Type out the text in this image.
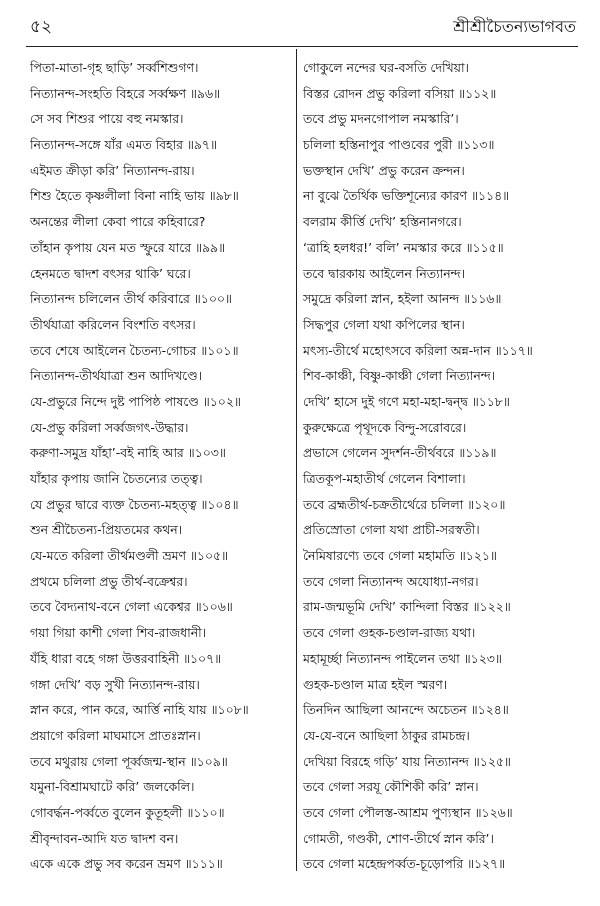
৫২	শ্রীশ্রীচৈতন্যভাগবত
পিতা-মাতা-গৃহ ছাড়ি’ সর্ব্বশিশুগণ।
নিত্যানন্দ-সংহতি বিহরে সর্ব্বক্ষণ ॥৯৬॥
সে সব শিশুর পায়ে বহু নমস্কার।
নিত্যানন্দ-সঙ্গে যাঁর এমত বিহার ॥৯৭॥
এইমত ক্রীড়া করি’ নিত্যানন্দ-রায়।
শিশু হৈতে কৃষ্ণলীলা বিনা নাহি ভায় ॥৯৮॥
অনন্তের লীলা কেবা পারে কহিবারে?
তাঁহান কৃপায় যেন মত স্ফুরে যারে ॥৯৯॥
হেনমতে দ্বাদশ বৎসর থাকি’ ঘরে।
নিত্যানন্দ চলিলেন তীর্থ করিবারে ॥১০০॥
তীর্থযাত্রা করিলেন বিংশতি বৎসর।
তবে শেষে আইলেন চৈতন্য-গোচর ॥১০১॥
নিত্যানন্দ-তীর্থযাত্রা শুন আদিখণ্ডে।
যে-প্রভুরে নিন্দে দুষ্ট পাপিষ্ঠ পাষণ্ডে ॥১০২॥
যে-প্রভু করিলা সর্ব্বজগৎ-উদ্ধার।
করুণা-সমুদ্র যাঁহা’-বই নাহি আর ॥১০৩॥
যাঁহার কৃপায় জানি চৈতন্যের তত্ত্ব।
যে প্রভুর দ্বারে ব্যক্ত চৈতন্য-মহত্ত্ব ॥১০৪॥
শুন শ্রীচৈতন্য-প্রিয়তমের কথন।
যে-মতে করিলা তীর্থমণ্ডলী ভ্রমণ ॥১০৫॥
প্রথমে চলিলা প্রভু তীর্থ-বক্রেশ্বর।
তবে বৈদ্যনাথ-বনে গেলা একেশ্বর ॥১০৬॥
গয়া গিয়া কাশী গেলা শিব-রাজধানী।
যঁহি ধারা বহে গঙ্গা উত্তরবাহিনী ॥১০৭॥
গঙ্গা দেখি’ বড় সুখী নিত্যানন্দ-রায়।
স্নান করে, পান করে, আর্ত্তি নাহি যায় ॥১০৮॥
প্রয়াগে করিলা মাঘমাসে প্রাতঃস্নান।
তবে মথুরায় গেলা পূর্ব্বজন্ম-স্থান ॥১০৯॥
যমুনা-বিশ্রামঘাটে করি’ জলকেলি।
গোবর্দ্ধন-পর্ব্বতে বুলেন কুতূহলী ॥১১০॥
শ্রীবৃন্দাবন-আদি যত দ্বাদশ বন।
একে একে প্রভু সব করেন ভ্রমণ ॥১১১॥
গোকুলে নন্দের ঘর-বসতি দেখিয়া।
বিস্তর রোদন প্রভু করিলা বসিয়া ॥১১২॥
তবে প্রভু মদনগোপাল নমস্কারি’।
চলিলা হস্তিনাপুর পাণ্ডবের পুরী ॥১১৩॥
ভক্তস্থান দেখি’ প্রভু করেন ক্রন্দন।
না বুঝে তৈর্থিক ভক্তিশূন্যের কারণ ॥১১৪॥
বলরাম কীর্ত্তি দেখি’ হস্তিনানগরে।
‘ত্রাহি হলধর!’ বলি’ নমস্কার করে ॥১১৫॥
তবে দ্বারকায় আইলেন নিত্যানন্দ।
সমুদ্রে করিলা স্নান, হইলা আনন্দ ॥১১৬॥
সিদ্ধপুর গেলা যথা কপিলের স্থান।
মৎস্য-তীর্থে মহোৎসবে করিলা অন্ন-দান ॥১১৭॥
শিব-কাঞ্চী, বিষ্ণু-কাঞ্চী গেলা নিত্যানন্দ।
দেখি’ হাসে দুই গণে মহা-মহা-দ্বন্দ্ব ॥১১৮॥
কুরুক্ষেত্রে পৃথূদকে বিন্দু-সরোবরে।
প্রভাসে গেলেন সুদর্শন-তীর্থবরে ॥১১৯॥
ত্রিতকূপ-মহাতীর্থ গেলেন বিশালা।
তবে ব্রহ্মতীর্থ-চক্রতীর্থেরে চলিলা ॥১২০॥
প্রতিস্রোতা গেলা যথা প্রাচী-সরস্বতী।
নৈমিষারণ্যে তবে গেলা মহামতি ॥১২১॥
তবে গেলা নিত্যানন্দ অযোধ্যা-নগর।
রাম-জন্মভূমি দেখি’ কান্দিলা বিস্তর ॥১২২॥
তবে গেলা গুহক-চণ্ডাল-রাজ্য যথা।
মহামূর্চ্ছা নিত্যানন্দ পাইলেন তথা ॥১২৩॥
গুহক-চণ্ডাল মাত্র হইল স্মরণ।
তিনদিন আছিলা আনন্দে অচেতন ॥১২৪॥
যে-যে-বনে আছিলা ঠাকুর রামচন্দ্র।
দেখিয়া বিরহে গড়ি’ যায় নিত্যানন্দ ॥১২৫॥
তবে গেলা সরযূ কৌশিকী করি’ স্নান।
তবে গেলা পৌলস্ত-আশ্রম পুণ্যস্থান ॥১২৬॥
গোমতী, গণ্ডকী, শোণ-তীর্থে স্নান করি’।
তবে গেলা মহেন্দ্রপর্ব্বত-চূড়োপরি ॥১২৭॥
